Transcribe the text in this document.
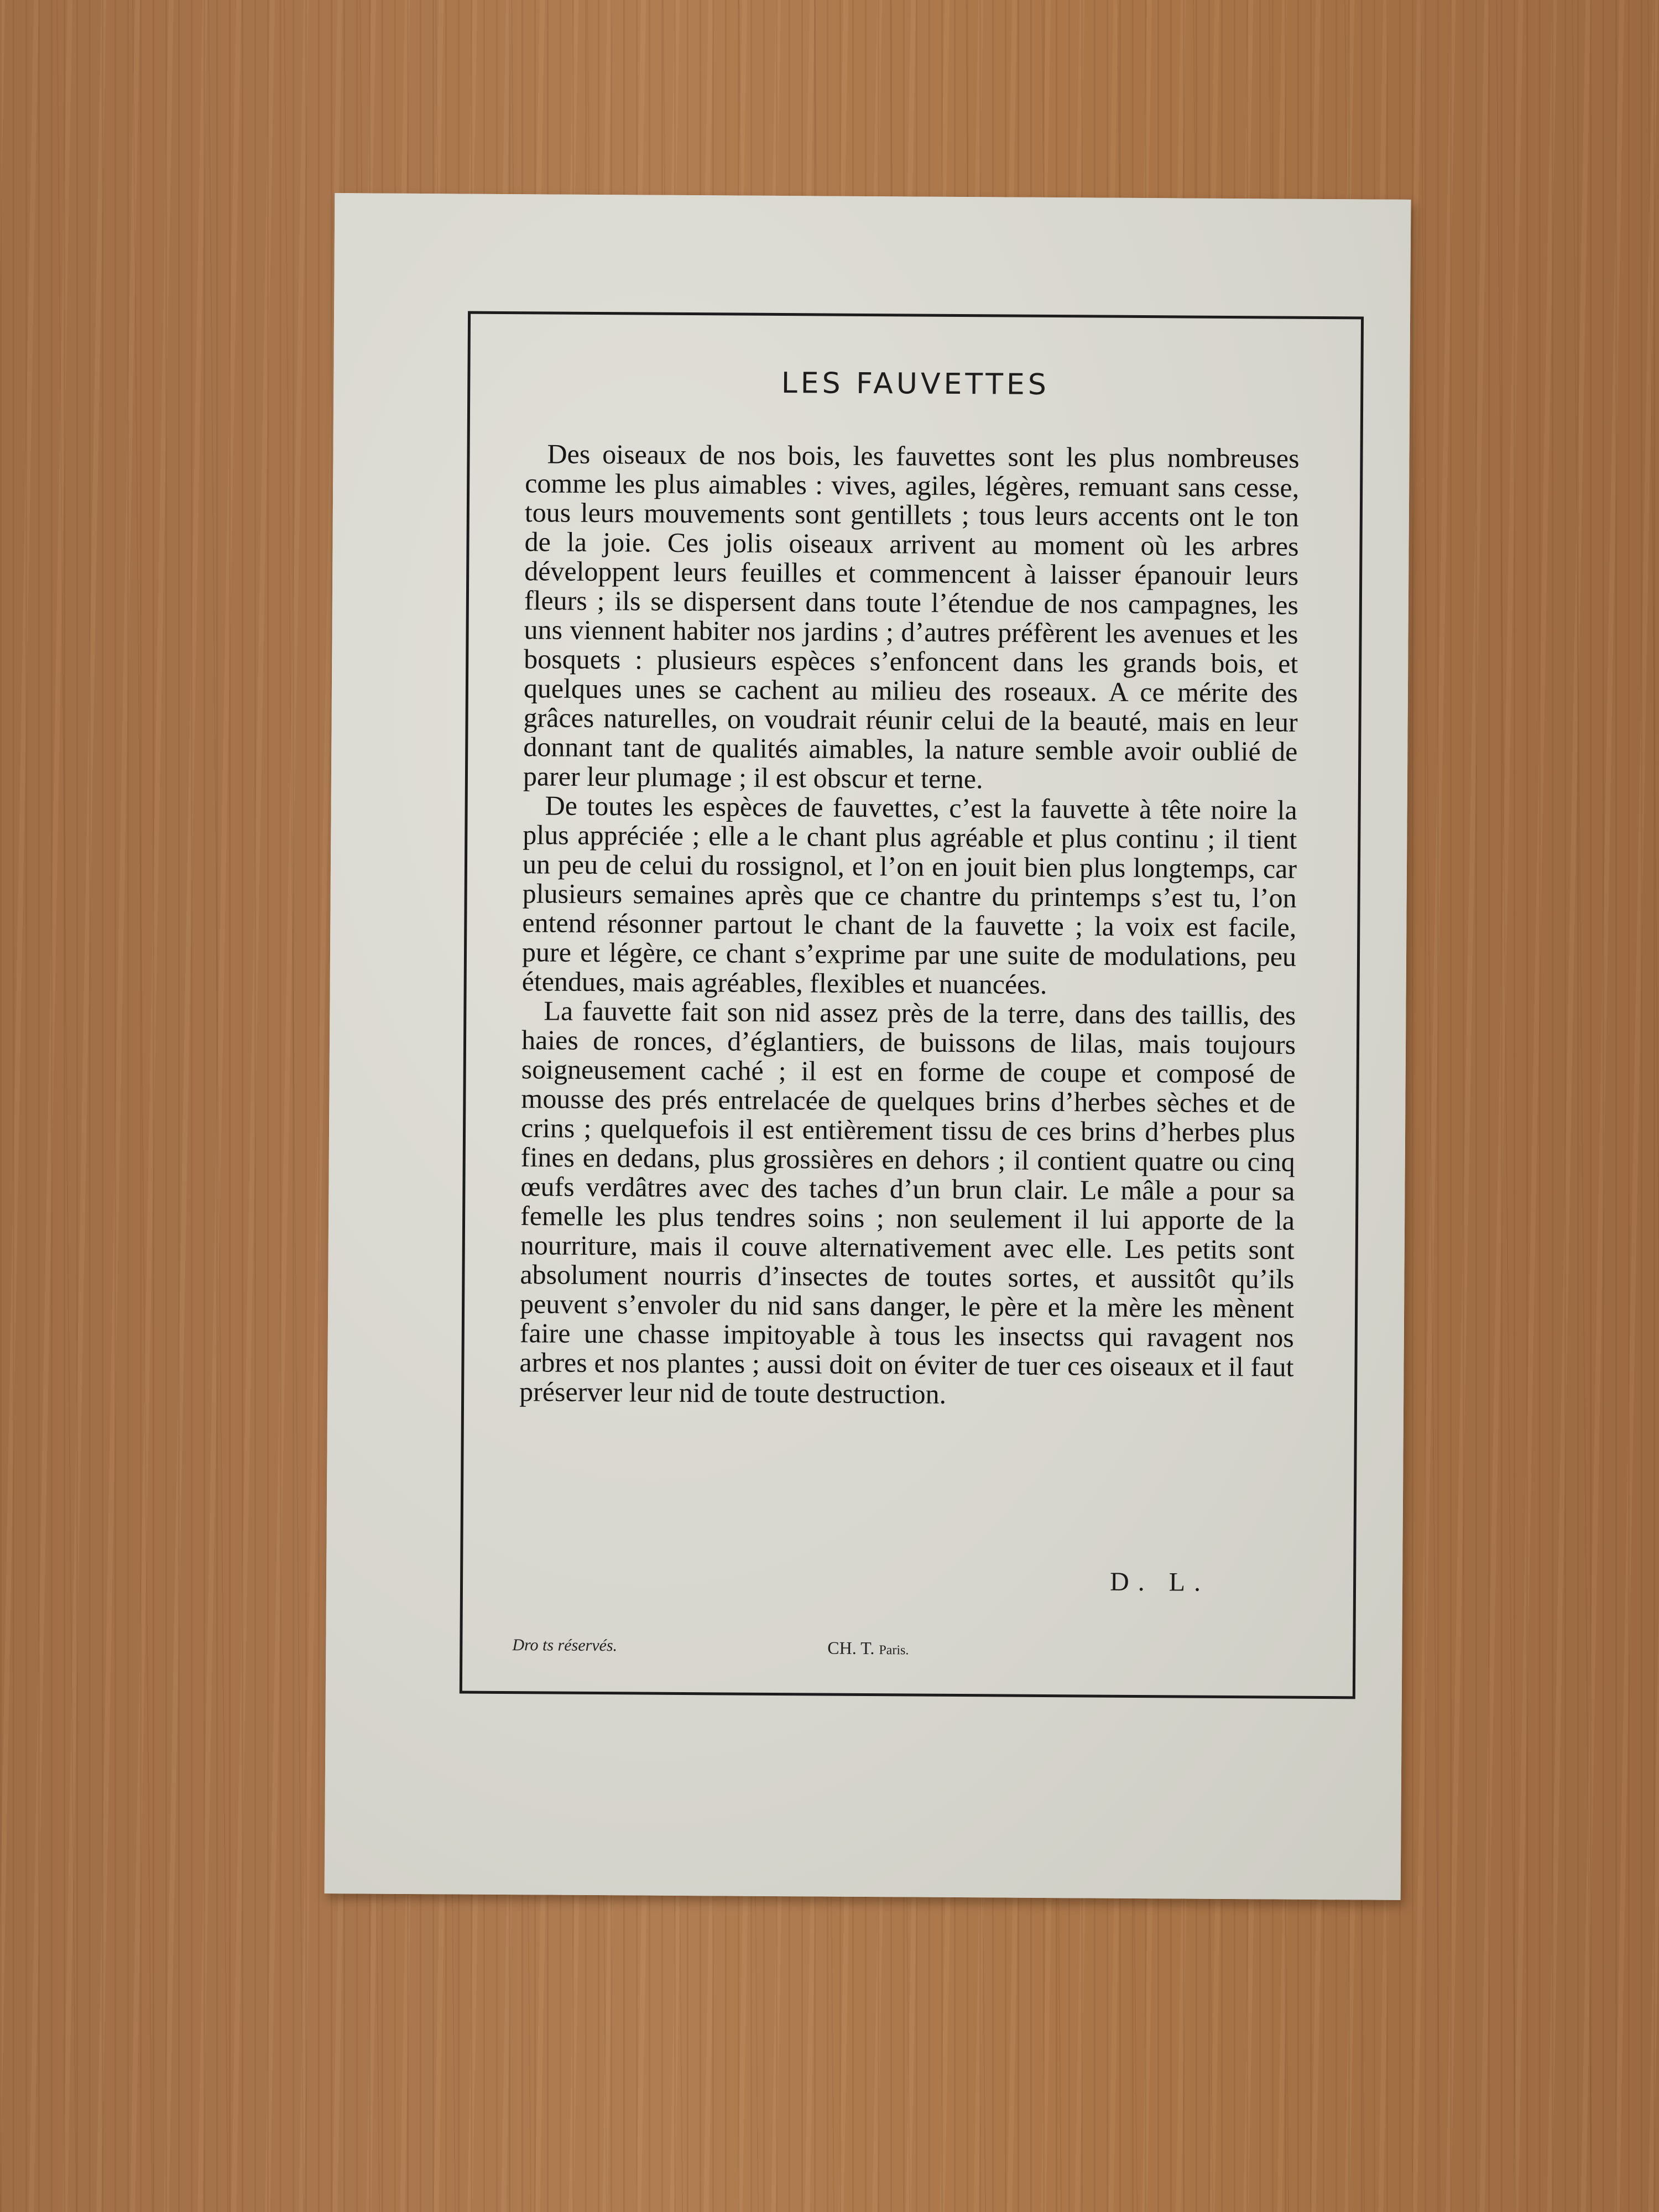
LES FAUVETTES

Des oiseaux de nos bois, les fauvettes sont les plus nombreuses comme les plus aimables : vives, agiles, légères, remuant sans cesse, tous leurs mouvements sont gentillets ; tous leurs accents ont le ton de la joie. Ces jolis oiseaux arrivent au moment où les arbres développent leurs feuilles et commencent à laisser épanouir leurs fleurs ; ils se dispersent dans toute l’étendue de nos campagnes, les uns viennent habiter nos jardins ; d’autres préfèrent les avenues et les bosquets : plusieurs espèces s’enfoncent dans les grands bois, et quelques unes se cachent au milieu des roseaux. A ce mérite des grâces naturelles, on voudrait réunir celui de la beauté, mais en leur donnant tant de qualités aimables, la nature semble avoir oublié de parer leur plumage ; il est obscur et terne.

De toutes les espèces de fauvettes, c’est la fauvette à tête noire la plus appréciée ; elle a le chant plus agréable et plus continu ; il tient un peu de celui du rossignol, et l’on en jouit bien plus longtemps, car plusieurs semaines après que ce chantre du printemps s’est tu, l’on entend résonner partout le chant de la fauvette ; la voix est facile, pure et légère, ce chant s’exprime par une suite de modulations, peu étendues, mais agréables, flexibles et nuancées.

La fauvette fait son nid assez près de la terre, dans des taillis, des haies de ronces, d’églantiers, de buissons de lilas, mais toujours soigneusement caché ; il est en forme de coupe et composé de mousse des prés entrelacée de quelques brins d’herbes sèches et de crins ; quelquefois il est entièrement tissu de ces brins d’herbes plus fines en dedans, plus grossières en dehors ; il contient quatre ou cinq œufs verdâtres avec des taches d’un brun clair. Le mâle a pour sa femelle les plus tendres soins ; non seulement il lui apporte de la nourriture, mais il couve alternativement avec elle. Les petits sont absolument nourris d’insectes de toutes sortes, et aussitôt qu’ils peuvent s’envoler du nid sans danger, le père et la mère les mènent faire une chasse impitoyable à tous les insectss qui ravagent nos arbres et nos plantes ; aussi doit on éviter de tuer ces oiseaux et il faut préserver leur nid de toute destruction.

D. L.
Dro ts réservés.	CH. T. Paris.
